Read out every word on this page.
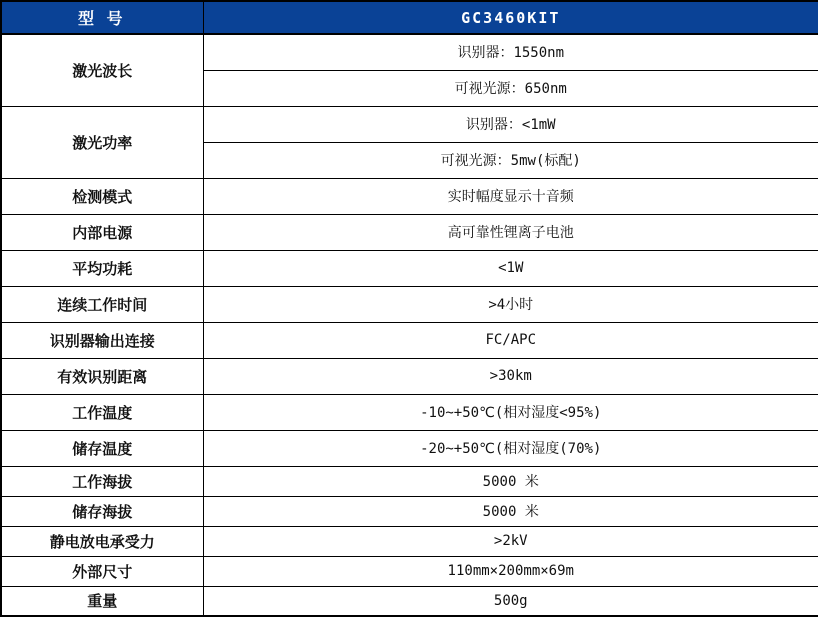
型 号	GC3460KIT
激光波长	识别器：1550nm
	可视光源：650nm
激光功率	识别器：<1mW
	可视光源：5mw(标配)
检测模式	实时幅度显示十音频
内部电源	高可靠性锂离子电池
平均功耗	<1W
连续工作时间	>4小时
识别器输出连接	FC/APC
有效识别距离	>30km
工作温度	-10~+50℃(相对湿度<95%)
储存温度	-20~+50℃(相对湿度(70%)
工作海拔	5000 米
储存海拔	5000 米
静电放电承受力	>2kV
外部尺寸	110mm×200mm×69m
重量	500g
